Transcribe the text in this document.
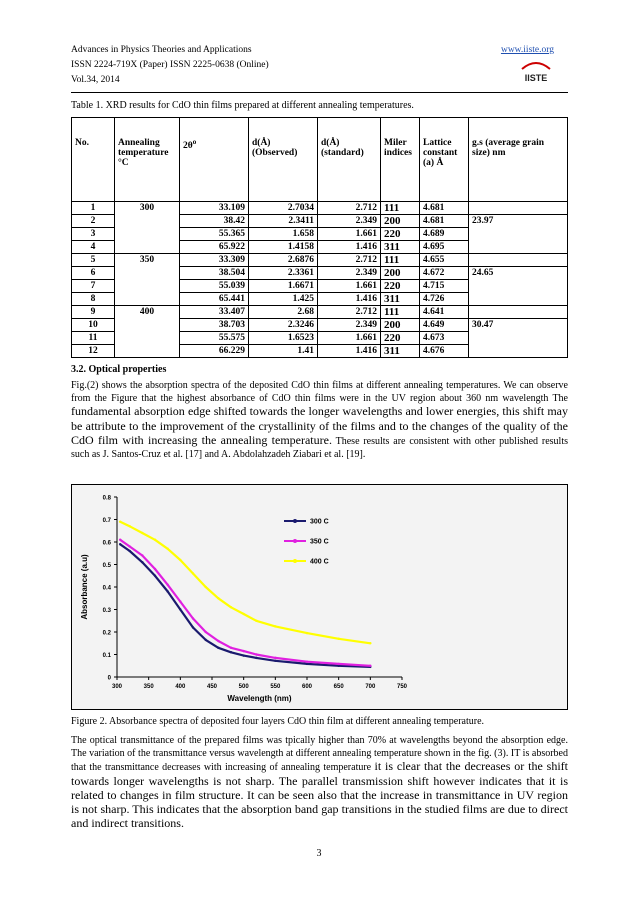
Advances in Physics Theories and Applications
ISSN 2224-719X (Paper) ISSN 2225-0638 (Online)
Vol.34, 2014
www.iiste.org
IISTE
Table 1. XRD results for CdO thin films prepared at different annealing temperatures.
No.	Annealing temperature °C	$2\theta^o$	d(Å) (Observed)	d(Å) (standard)	Miler indices	Lattice constant (a) Å	g.s (average grain size) nm
1	300	33.109	2.7034	2.712	111	4.681	
2		38.42	2.3411	2.349	200	4.681	23.97
3		55.365	1.658	1.661	220	4.689	
4		65.922	1.4158	1.416	311	4.695	
5	350	33.309	2.6876	2.712	111	4.655	
6		38.504	2.3361	2.349	200	4.672	24.65
7		55.039	1.6671	1.661	220	4.715	
8		65.441	1.425	1.416	311	4.726	
9	400	33.407	2.68	2.712	111	4.641	
10		38.703	2.3246	2.349	200	4.649	30.47
11		55.575	1.6523	1.661	220	4.673	
12		66.229	1.41	1.416	311	4.676	
3.2. Optical properties
Fig.(2) shows the absorption spectra of the deposited CdO thin films at different annealing temperatures. We can observe from the Figure that the highest absorbance of CdO thin films were in the UV region about 360 nm wavelength The fundamental absorption edge shifted towards the longer wavelengths and lower energies, this shift may be attribute to the improvement of the crystallinity of the films and to the changes of the quality of the CdO film with increasing the annealing temperature. These results are consistent with other published results such as J. Santos-Cruz et al. [17] and A. Abdolahzadeh Ziabari et al. [19].
0
0.1
0.2
0.3
0.4
0.5
0.6
0.7
0.8
300	350	400	450	500	550	600	650	700	750
Wavelength (nm)
Absorbance (a.u)
300 C
350 C
400 C
Figure 2. Absorbance spectra of deposited four layers CdO thin film at different annealing temperature.
The optical transmittance of the prepared films was tpically higher than 70% at wavelengths beyond the absorption edge. The variation of the transmittance versus wavelength at different annealing temperature shown in the fig. (3). IT is absorbed that the transmittance decreases with increasing of annealing temperature it is clear that the decreases or the shift towards longer wavelengths is not sharp. The parallel transmission shift however indicates that it is related to changes in film structure. It can be seen also that the increase in transmittance in UV region is not sharp. This indicates that the absorption band gap transitions in the studied films are due to direct and indirect transitions.
3
